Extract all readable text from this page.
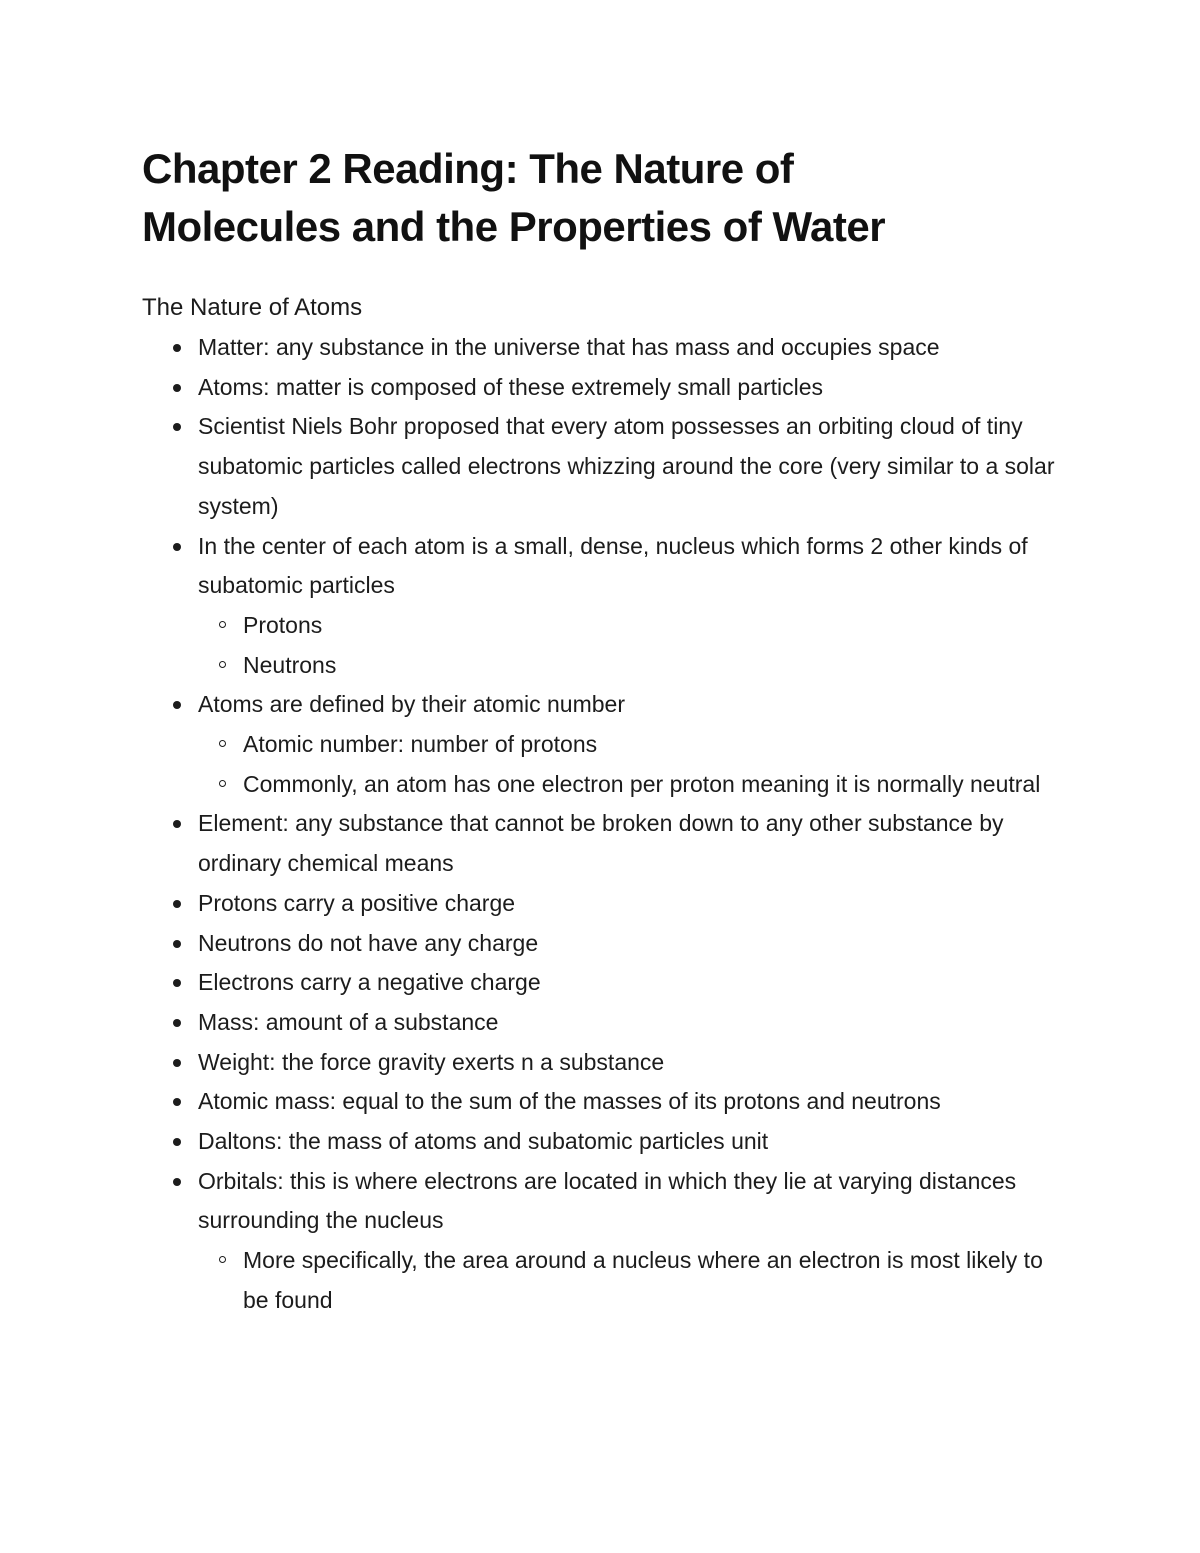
Chapter 2 Reading: The Nature of
Molecules and the Properties of Water
The Nature of Atoms
Matter: any substance in the universe that has mass and occupies space
Atoms: matter is composed of these extremely small particles
Scientist Niels Bohr proposed that every atom possesses an orbiting cloud of tiny subatomic particles called electrons whizzing around the core (very similar to a solar system)
In the center of each atom is a small, dense, nucleus which forms 2 other kinds of subatomic particles
Protons
Neutrons
Atoms are defined by their atomic number
Atomic number: number of protons
Commonly, an atom has one electron per proton meaning it is normally neutral
Element: any substance that cannot be broken down to any other substance by ordinary chemical means
Protons carry a positive charge
Neutrons do not have any charge
Electrons carry a negative charge
Mass: amount of a substance
Weight: the force gravity exerts n a substance
Atomic mass: equal to the sum of the masses of its protons and neutrons
Daltons: the mass of atoms and subatomic particles unit
Orbitals: this is where electrons are located in which they lie at varying distances surrounding the nucleus
More specifically, the area around a nucleus where an electron is most likely to be found
